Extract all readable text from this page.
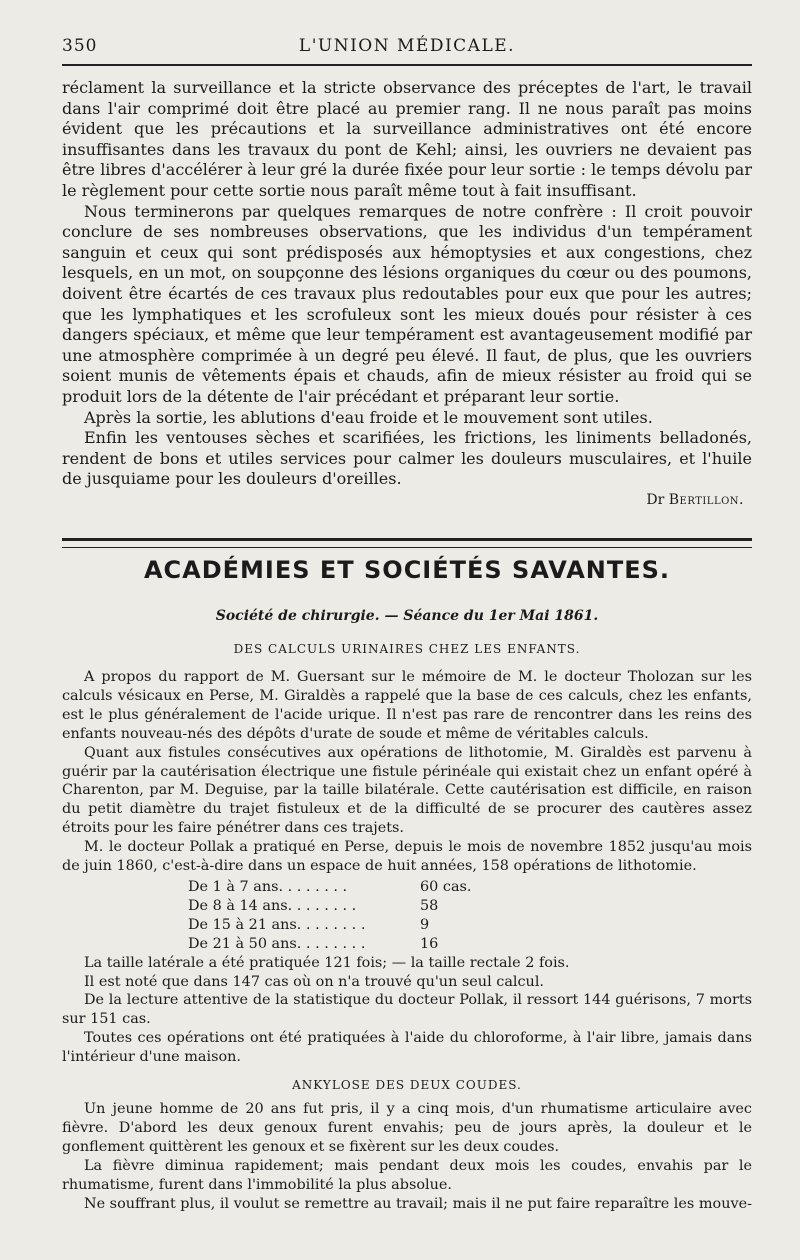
350	L'UNION MÉDICALE.

réclament la surveillance et la stricte observance des préceptes de l'art, le travail dans l'air comprimé doit être placé au premier rang. Il ne nous paraît pas moins évident que les précautions et la surveillance administratives ont été encore insuffisantes dans les travaux du pont de Kehl; ainsi, les ouvriers ne devaient pas être libres d'accélérer à leur gré la durée fixée pour leur sortie : le temps dévolu par le règlement pour cette sortie nous paraît même tout à fait insuffisant.

Nous terminerons par quelques remarques de notre confrère : Il croit pouvoir conclure de ses nombreuses observations, que les individus d'un tempérament sanguin et ceux qui sont prédisposés aux hémoptysies et aux congestions, chez lesquels, en un mot, on soupçonne des lésions organiques du cœur ou des poumons, doivent être écartés de ces travaux plus redoutables pour eux que pour les autres; que les lymphatiques et les scrofuleux sont les mieux doués pour résister à ces dangers spéciaux, et même que leur tempérament est avantageusement modifié par une atmosphère comprimée à un degré peu élevé. Il faut, de plus, que les ouvriers soient munis de vêtements épais et chauds, afin de mieux résister au froid qui se produit lors de la détente de l'air précédant et préparant leur sortie.

Après la sortie, les ablutions d'eau froide et le mouvement sont utiles.

Enfin les ventouses sèches et scarifiées, les frictions, les liniments belladonés, rendent de bons et utiles services pour calmer les douleurs musculaires, et l'huile de jusquiame pour les douleurs d'oreilles.

Dr Bertillon.
ACADÉMIES ET SOCIÉTÉS SAVANTES.
Société de chirurgie. — Séance du 1er Mai 1861.
DES CALCULS URINAIRES CHEZ LES ENFANTS.

A propos du rapport de M. Guersant sur le mémoire de M. le docteur Tholozan sur les calculs vésicaux en Perse, M. Giraldès a rappelé que la base de ces calculs, chez les enfants, est le plus généralement de l'acide urique. Il n'est pas rare de rencontrer dans les reins des enfants nouveau-nés des dépôts d'urate de soude et même de véritables calculs.

Quant aux fistules consécutives aux opérations de lithotomie, M. Giraldès est parvenu à guérir par la cautérisation électrique une fistule périnéale qui existait chez un enfant opéré à Charenton, par M. Deguise, par la taille bilatérale. Cette cautérisation est difficile, en raison du petit diamètre du trajet fistuleux et de la difficulté de se procurer des cautères assez étroits pour les faire pénétrer dans ces trajets.

M. le docteur Pollak a pratiqué en Perse, depuis le mois de novembre 1852 jusqu'au mois de juin 1860, c'est-à-dire dans un espace de huit années, 158 opérations de lithotomie.

De 1 à 7 ans. . . . . . . .	60 cas.
De 8 à 14 ans. . . . . . . .	58
De 15 à 21 ans. . . . . . . .	9
De 21 à 50 ans. . . . . . . .	16

La taille latérale a été pratiquée 121 fois; — la taille rectale 2 fois.

Il est noté que dans 147 cas où on n'a trouvé qu'un seul calcul.

De la lecture attentive de la statistique du docteur Pollak, il ressort 144 guérisons, 7 morts sur 151 cas.

Toutes ces opérations ont été pratiquées à l'aide du chloroforme, à l'air libre, jamais dans l'intérieur d'une maison.

ANKYLOSE DES DEUX COUDES.

Un jeune homme de 20 ans fut pris, il y a cinq mois, d'un rhumatisme articulaire avec fièvre. D'abord les deux genoux furent envahis; peu de jours après, la douleur et le gonflement quittèrent les genoux et se fixèrent sur les deux coudes.

La fièvre diminua rapidement; mais pendant deux mois les coudes, envahis par le rhumatisme, furent dans l'immobilité la plus absolue.

Ne souffrant plus, il voulut se remettre au travail; mais il ne put faire reparaître les mouve-
